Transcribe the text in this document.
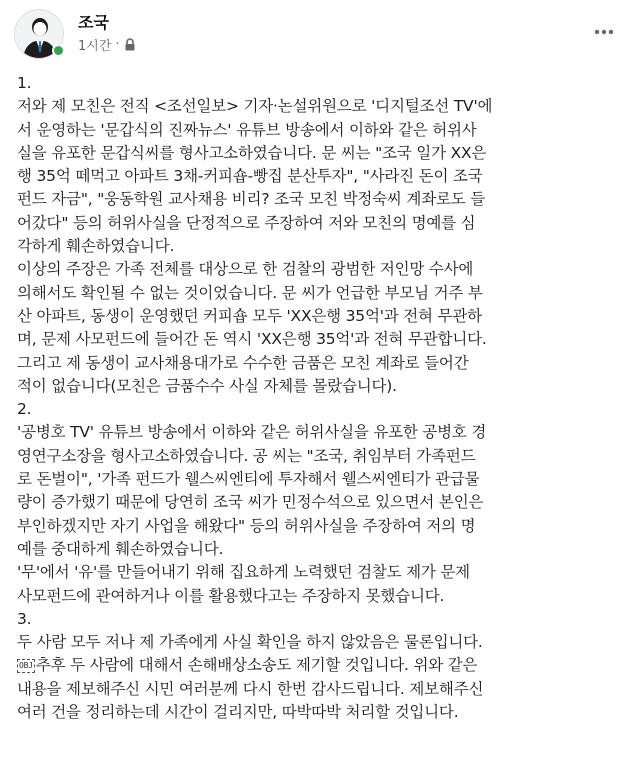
조국
1시간 ·
1.
저와 제 모친은 전직 <조선일보> 기자·논설위원으로 '디지털조선 TV'에
서 운영하는 '문갑식의 진짜뉴스' 유튜브 방송에서 이하와 같은 허위사
실을 유포한 문갑식씨를 형사고소하였습니다. 문 씨는 "조국 일가 XX은
행 35억 떼먹고 아파트 3채-커피숍-빵집 분산투자", "사라진 돈이 조국
펀드 자금", "웅동학원 교사채용 비리? 조국 모친 박정숙씨 계좌로도 들
어갔다" 등의 허위사실을 단정적으로 주장하여 저와 모친의 명예를 심
각하게 훼손하였습니다.
이상의 주장은 가족 전체를 대상으로 한 검찰의 광범한 저인망 수사에
의해서도 확인될 수 없는 것이었습니다. 문 씨가 언급한 부모님 거주 부
산 아파트, 동생이 운영했던 커피숍 모두 'XX은행 35억'과 전혀 무관하
며, 문제 사모펀드에 들어간 돈 역시 'XX은행 35억'과 전혀 무관합니다.
그리고 제 동생이 교사채용대가로 수수한 금품은 모친 계좌로 들어간
적이 없습니다(모친은 금품수수 사실 자체를 몰랐습니다).
2.
'공병호 TV' 유튜브 방송에서 이하와 같은 허위사실을 유포한 공병호 경
영연구소장을 형사고소하였습니다. 공 씨는 "조국, 취임부터 가족펀드
로 돈벌이", '가족 펀드가 웰스씨엔티에 투자해서 웰스씨엔티가 관급물
량이 증가했기 때문에 당연히 조국 씨가 민정수석으로 있으면서 본인은
부인하겠지만 자기 사업을 해왔다" 등의 허위사실을 주장하여 저의 명
예를 중대하게 훼손하였습니다.
'무'에서 '유'를 만들어내기 위해 집요하게 노력했던 검찰도 제가 문제
사모펀드에 관여하거나 이를 활용했다고는 주장하지 못했습니다.
3.
두 사람 모두 저나 제 가족에게 사실 확인을 하지 않았음은 물론입니다.
OBJ 추후 두 사람에 대해서 손해배상소송도 제기할 것입니다. 위와 같은
내용을 제보해주신 시민 여러분께 다시 한번 감사드립니다. 제보해주신
여러 건을 정리하는데 시간이 걸리지만, 따박따박 처리할 것입니다.
